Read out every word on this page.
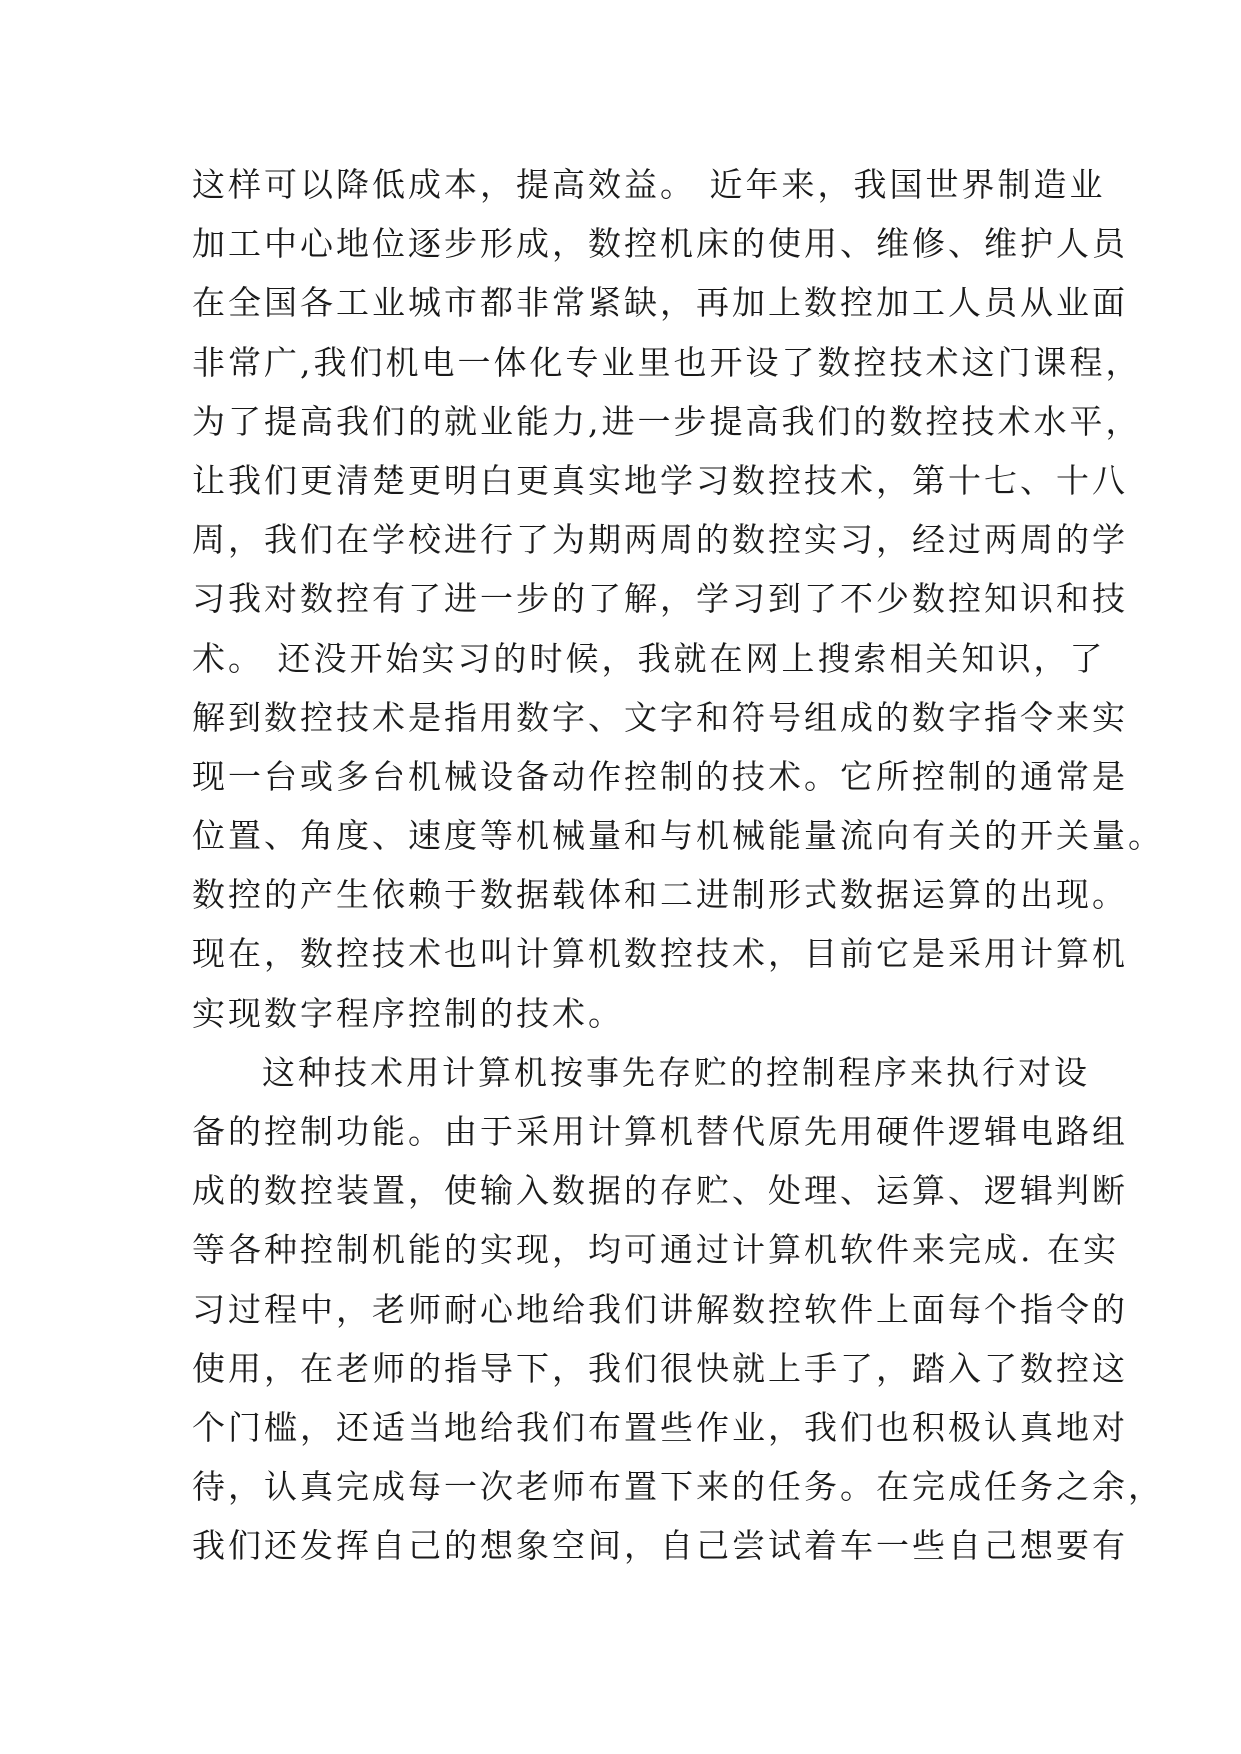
这样可以降低成本，提高效益。 近年来，我国世界制造业
加工中心地位逐步形成，数控机床的使用、维修、维护人员
在全国各工业城市都非常紧缺，再加上数控加工人员从业面
非常广,我们机电一体化专业里也开设了数控技术这门课程，
为了提高我们的就业能力,进一步提高我们的数控技术水平，
让我们更清楚更明白更真实地学习数控技术，第十七、十八
周，我们在学校进行了为期两周的数控实习，经过两周的学
习我对数控有了进一步的了解，学习到了不少数控知识和技
术。 还没开始实习的时候，我就在网上搜索相关知识，了
解到数控技术是指用数字、文字和符号组成的数字指令来实
现一台或多台机械设备动作控制的技术。它所控制的通常是
位置、角度、速度等机械量和与机械能量流向有关的开关量。
数控的产生依赖于数据载体和二进制形式数据运算的出现。
现在，数控技术也叫计算机数控技术，目前它是采用计算机
实现数字程序控制的技术。
这种技术用计算机按事先存贮的控制程序来执行对设
备的控制功能。由于采用计算机替代原先用硬件逻辑电路组
成的数控装置，使输入数据的存贮、处理、运算、逻辑判断
等各种控制机能的实现，均可通过计算机软件来完成. 在实
习过程中，老师耐心地给我们讲解数控软件上面每个指令的
使用，在老师的指导下，我们很快就上手了，踏入了数控这
个门槛，还适当地给我们布置些作业，我们也积极认真地对
待，认真完成每一次老师布置下来的任务。在完成任务之余，
我们还发挥自己的想象空间，自己尝试着车一些自己想要有
